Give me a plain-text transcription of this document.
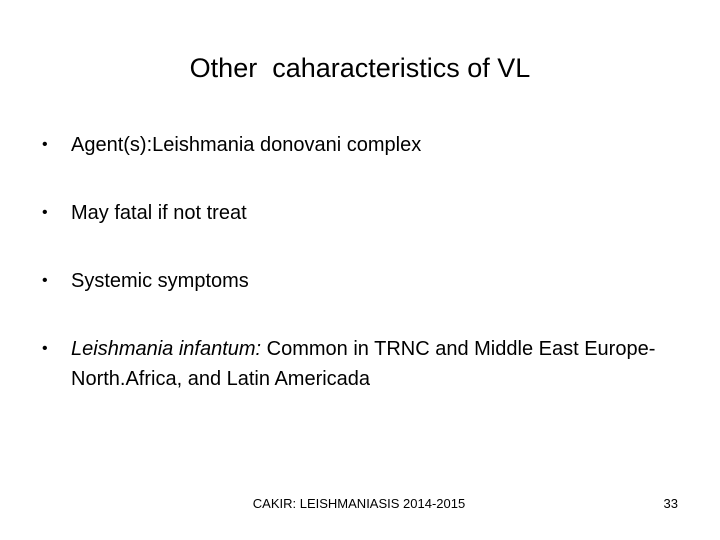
Other  caharacteristics of VL
• Agent(s):Leishmania donovani complex
• May fatal if not treat
• Systemic symptoms
• Leishmania infantum: Common in TRNC and Middle East Europe- North.Africa, and Latin Americada
CAKIR: LEISHMANIASIS 2014-2015	33
